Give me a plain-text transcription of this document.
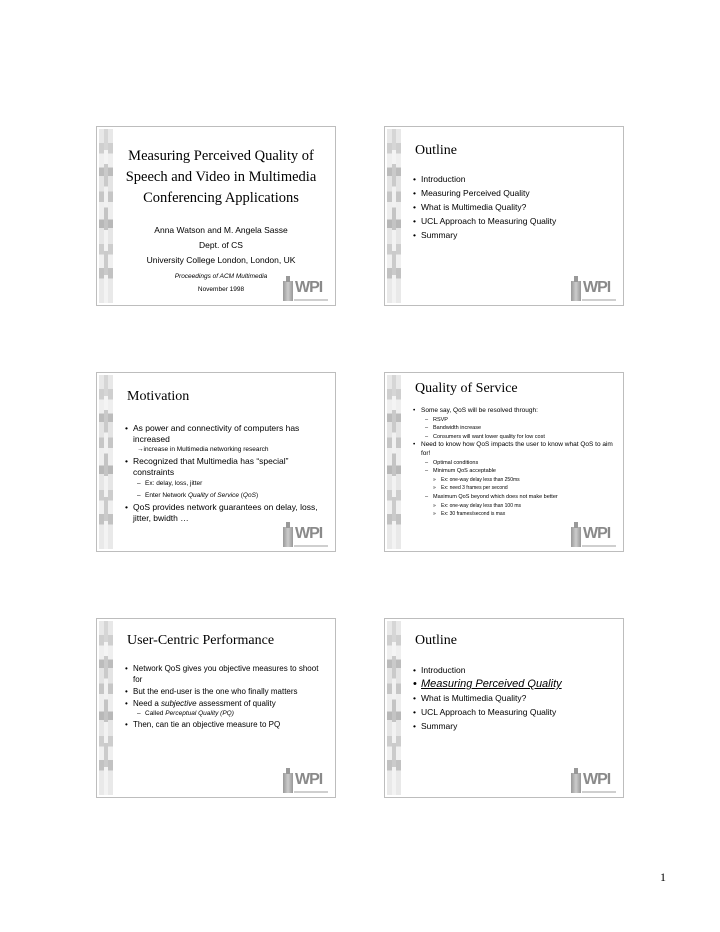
Measuring Perceived Quality of
Speech and Video in Multimedia
Conferencing Applications
Anna Watson and M. Angela Sasse
Dept. of CS
University College London, London, UK
Proceedings of ACM Multimedia
November 1998	WPI
Outline
• Introduction
• Measuring Perceived Quality
• What is Multimedia Quality?
• UCL Approach to Measuring Quality
• Summary
WPI
Motivation
• As power and connectivity of computers has increased
→increase in Multimedia networking research
• Recognized that Multimedia has “special” constraints
– Ex: delay, loss, jitter
– Enter Network Quality of Service (QoS)
• QoS provides network guarantees on delay, loss, jitter, bwidth …
WPI
Quality of Service
• Some say, QoS will be resolved through:
– RSVP
– Bandwidth increase
– Consumers will want lower quality for low cost
• Need to know how QoS impacts the user to know what QoS to aim for!
– Optimal conditions
– Minimum QoS acceptable
» Ex: one-way delay less than 250ms
» Ex: need 3 frames per second
– Maximum QoS beyond which does not make better
» Ex: one-way delay less than 100 ms
» Ex: 30 frames/second is max
WPI
User-Centric Performance
• Network QoS gives you objective measures to shoot for
• But the end-user is the one who finally matters
• Need a subjective assessment of quality
– Called Perceptual Quality (PQ)
• Then, can tie an objective measure to PQ
WPI
Outline
• Introduction
• Measuring Perceived Quality
• What is Multimedia Quality?
• UCL Approach to Measuring Quality
• Summary
WPI
1
